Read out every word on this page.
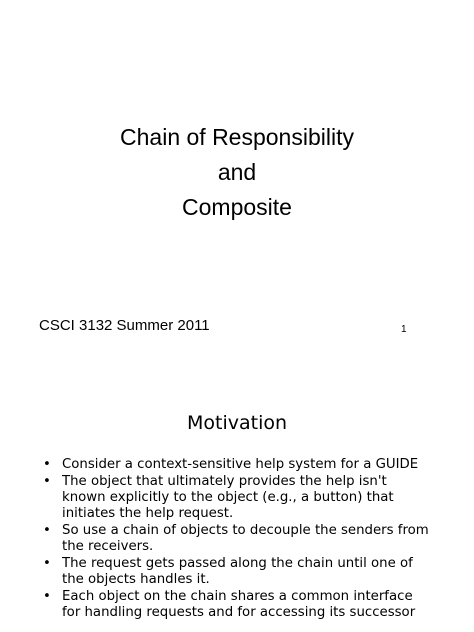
Chain of Responsibility
and
Composite
CSCI 3132 Summer 2011	1
Motivation
• Consider a context-sensitive help system for a GUIDE
• The object that ultimately provides the help isn't known explicitly to the object (e.g., a button) that initiates the help request.
• So use a chain of objects to decouple the senders from the receivers.
• The request gets passed along the chain until one of the objects handles it.
• Each object on the chain shares a common interface for handling requests and for accessing its successor
